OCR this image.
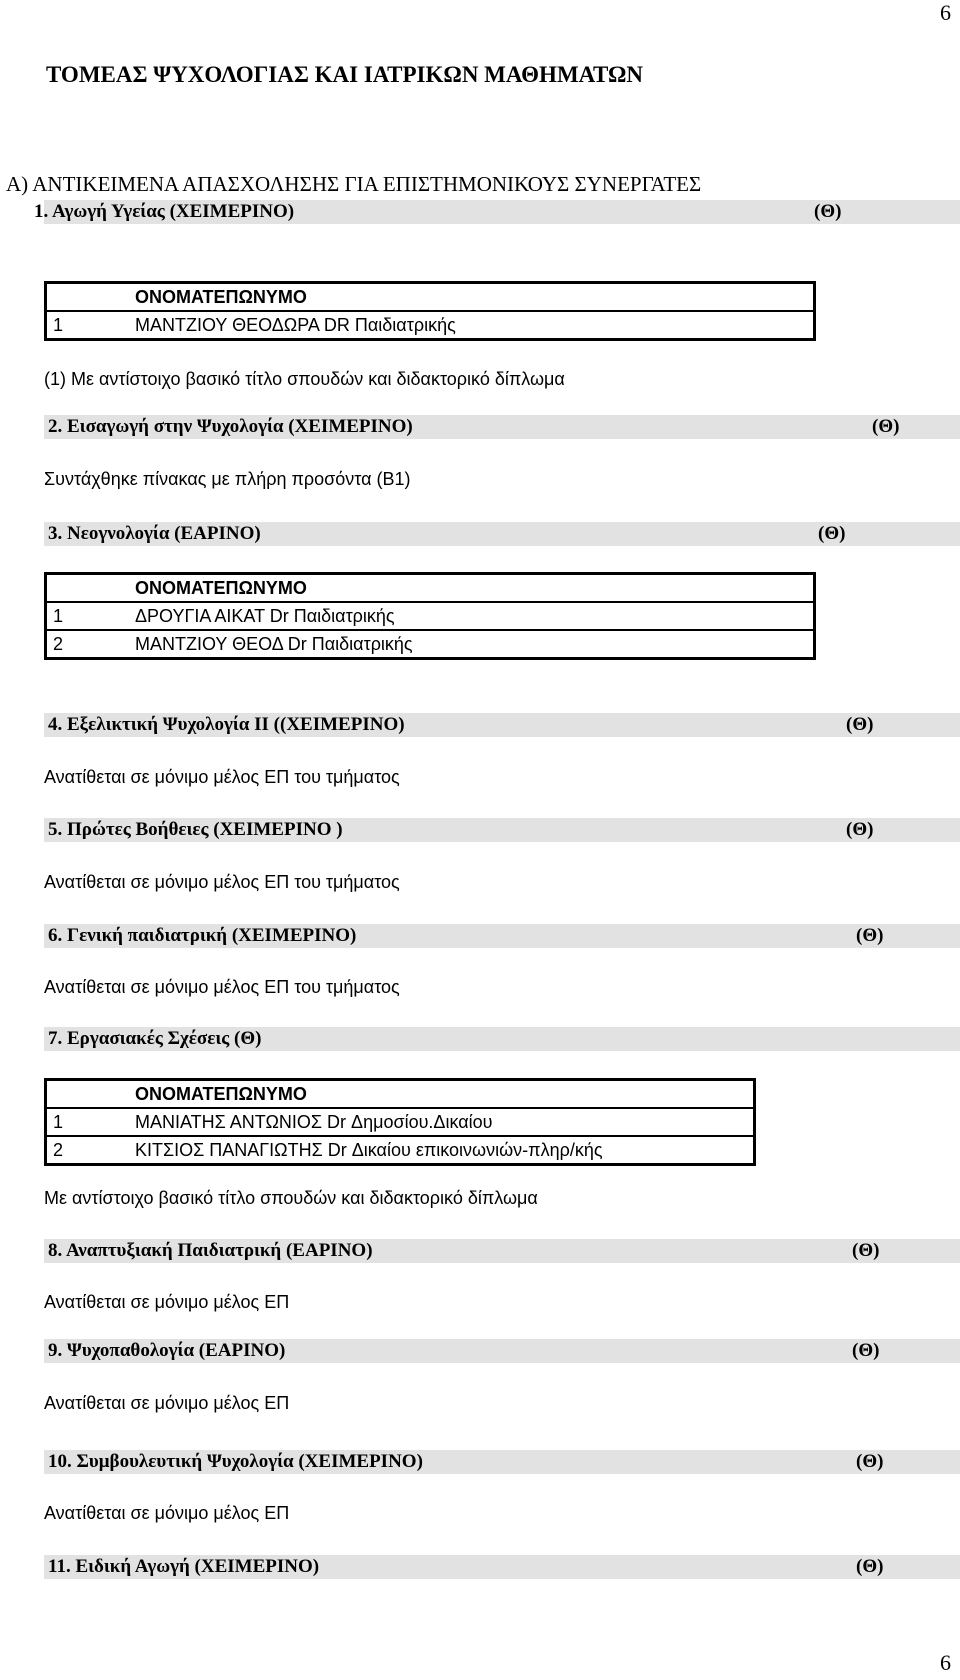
6
6
ΤΟΜΕΑΣ ΨΥΧΟΛΟΓΙΑΣ ΚΑΙ ΙΑΤΡΙΚΩΝ ΜΑΘΗΜΑΤΩΝ
Α) ΑΝΤΙΚΕΙΜΕΝΑ ΑΠΑΣΧΟΛΗΣΗΣ ΓΙΑ ΕΠΙΣΤΗΜΟΝΙΚΟΥΣ ΣΥΝΕΡΓΑΤΕΣ
1. Αγωγή Υγείας (ΧΕΙΜΕΡΙΝΟ)	(Θ)
	ΟΝΟΜΑΤΕΠΩΝΥΜΟ
1	ΜΑΝΤΖΙΟΥ ΘΕΟΔΩΡΑ DR Παιδιατρικής
(1) Με αντίστοιχο βασικό τίτλο σπουδών και διδακτορικό δίπλωμα
2. Εισαγωγή στην Ψυχολογία (ΧΕΙΜΕΡΙΝΟ)	(Θ)
Συντάχθηκε πίνακας με πλήρη προσόντα (Β1)
3. Νεογνολογία (ΕΑΡΙΝΟ)	(Θ)
	ΟΝΟΜΑΤΕΠΩΝΥΜΟ
1	ΔΡΟΥΓΙΑ ΑΙΚΑΤ Dr Παιδιατρικής
2	ΜΑΝΤΖΙΟΥ ΘΕΟΔ Dr Παιδιατρικής
4. Εξελικτική Ψυχολογία ΙΙ ((ΧΕΙΜΕΡΙΝΟ)	(Θ)
Ανατίθεται σε μόνιμο μέλος ΕΠ του τμήματος
5. Πρώτες Βοήθειες (ΧΕΙΜΕΡΙΝΟ )	(Θ)
Ανατίθεται σε μόνιμο μέλος ΕΠ του τμήματος
6. Γενική παιδιατρική (ΧΕΙΜΕΡΙΝΟ)	(Θ)
Ανατίθεται σε μόνιμο μέλος ΕΠ του τμήματος
7. Εργασιακές Σχέσεις (Θ)
	ΟΝΟΜΑΤΕΠΩΝΥΜΟ
1	ΜΑΝΙΑΤΗΣ ΑΝΤΩΝΙΟΣ Dr Δημοσίου.Δικαίου
2	ΚΙΤΣΙΟΣ ΠΑΝΑΓΙΩΤΗΣ Dr Δικαίου επικοινωνιών-πληρ/κής
Με αντίστοιχο βασικό τίτλο σπουδών και διδακτορικό δίπλωμα
8. Αναπτυξιακή Παιδιατρική (ΕΑΡΙΝΟ)	(Θ)
Ανατίθεται σε μόνιμο μέλος ΕΠ
9. Ψυχοπαθολογία (ΕΑΡΙΝΟ)	(Θ)
Ανατίθεται σε μόνιμο μέλος ΕΠ
10. Συμβουλευτική Ψυχολογία (ΧΕΙΜΕΡΙΝΟ)	(Θ)
Ανατίθεται σε μόνιμο μέλος ΕΠ
11. Ειδική Αγωγή (ΧΕΙΜΕΡΙΝΟ)	(Θ)
